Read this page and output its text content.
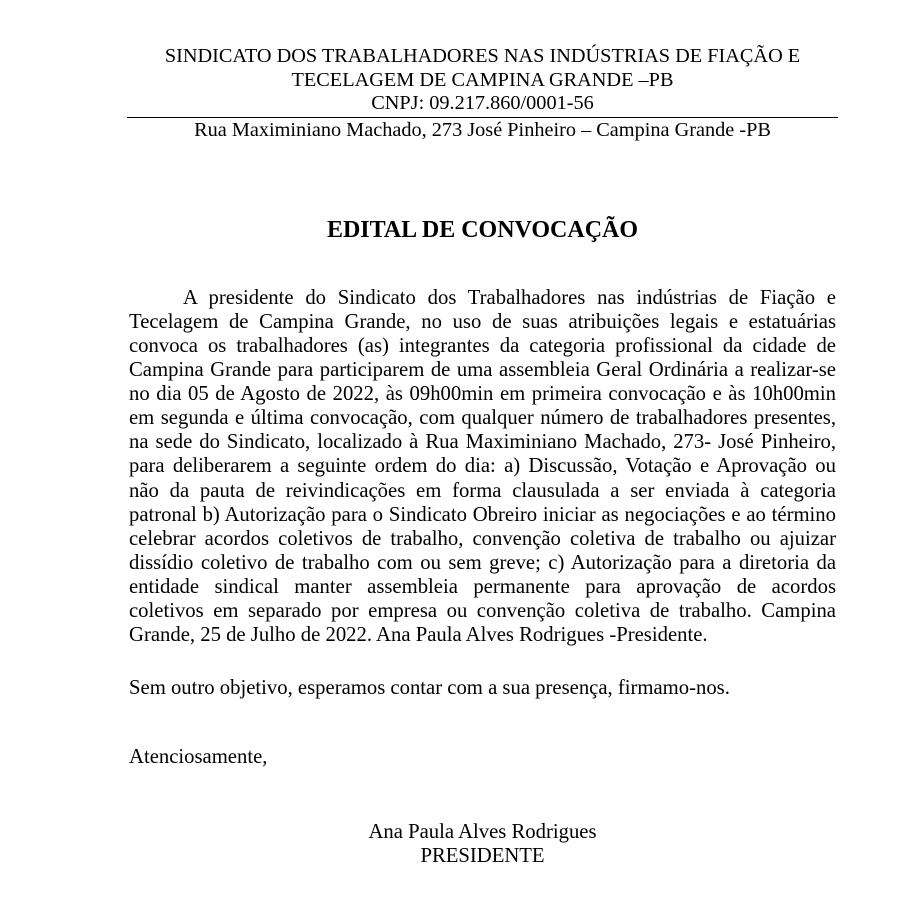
SINDICATO DOS TRABALHADORES NAS INDÚSTRIAS DE FIAÇÃO E
TECELAGEM DE CAMPINA GRANDE –PB
CNPJ: 09.217.860/0001-56
Rua Maximiniano Machado, 273 José Pinheiro – Campina Grande -PB
EDITAL DE CONVOCAÇÃO
A presidente do Sindicato dos Trabalhadores nas indústrias de Fiação e
Tecelagem de Campina Grande, no uso de suas atribuições legais e estatuárias
convoca os trabalhadores (as) integrantes da categoria profissional da cidade de
Campina Grande para participarem de uma assembleia Geral Ordinária a realizar-se
no dia 05 de Agosto de 2022, às 09h00min em primeira convocação e às 10h00min
em segunda e última convocação, com qualquer número de trabalhadores presentes,
na sede do Sindicato, localizado à Rua Maximiniano Machado, 273- José Pinheiro,
para deliberarem a seguinte ordem do dia: a) Discussão, Votação e Aprovação ou
não da pauta de reivindicações em forma clausulada a ser enviada à categoria
patronal b) Autorização para o Sindicato Obreiro iniciar as negociações e ao término
celebrar acordos coletivos de trabalho, convenção coletiva de trabalho ou ajuizar
dissídio coletivo de trabalho com ou sem greve; c) Autorização para a diretoria da
entidade sindical manter assembleia permanente para aprovação de acordos
coletivos em separado por empresa ou convenção coletiva de trabalho. Campina
Grande, 25 de Julho de 2022. Ana Paula Alves Rodrigues -Presidente.
Sem outro objetivo, esperamos contar com a sua presença, firmamo-nos.
Atenciosamente,
Ana Paula Alves Rodrigues
PRESIDENTE
